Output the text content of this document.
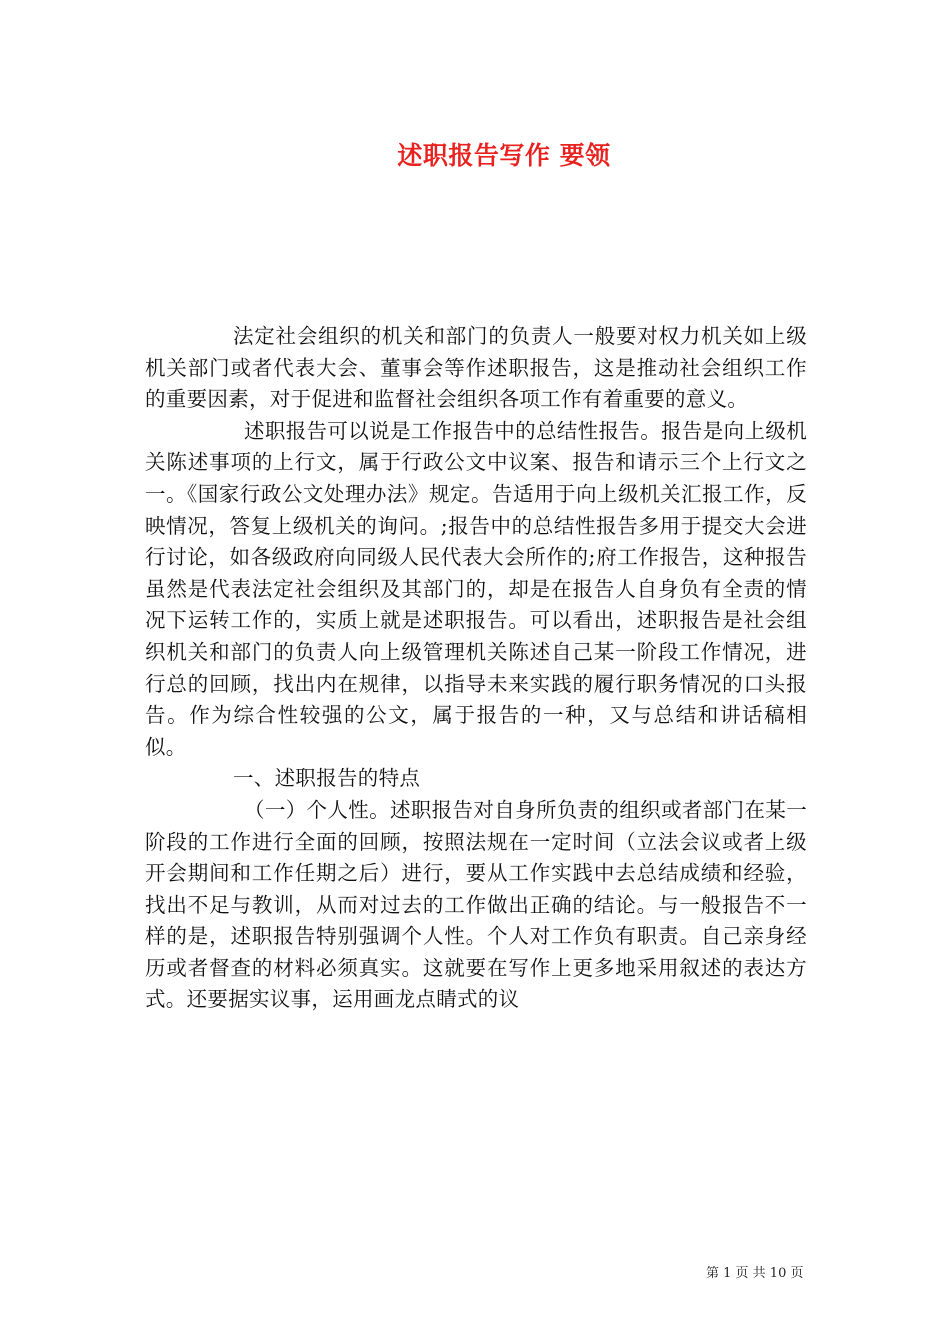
述职报告写作 要领

法定社会组织的机关和部门的负责人一般要对权力机关如上级机关部门或者代表大会、董事会等作述职报告，这是推动社会组织工作的重要因素，对于促进和监督社会组织各项工作有着重要的意义。

述职报告可以说是工作报告中的总结性报告。报告是向上级机关陈述事项的上行文，属于行政公文中议案、报告和请示三个上行文之一。《国家行政公文处理办法》规定。告适用于向上级机关汇报工作，反映情况，答复上级机关的询问。;报告中的总结性报告多用于提交大会进行讨论，如各级政府向同级人民代表大会所作的;府工作报告，这种报告虽然是代表法定社会组织及其部门的，却是在报告人自身负有全责的情况下运转工作的，实质上就是述职报告。可以看出，述职报告是社会组织机关和部门的负责人向上级管理机关陈述自己某一阶段工作情况，进行总的回顾，找出内在规律，以指导未来实践的履行职务情况的口头报告。作为综合性较强的公文，属于报告的一种，又与总结和讲话稿相似。

一、述职报告的特点

（一）个人性。述职报告对自身所负责的组织或者部门在某一阶段的工作进行全面的回顾，按照法规在一定时间（立法会议或者上级开会期间和工作任期之后）进行，要从工作实践中去总结成绩和经验，找出不足与教训，从而对过去的工作做出正确的结论。与一般报告不一样的是，述职报告特别强调个人性。个人对工作负有职责。自己亲身经历或者督查的材料必须真实。这就要在写作上更多地采用叙述的表达方式。还要据实议事，运用画龙点睛式的议

第 1 页 共 10 页
